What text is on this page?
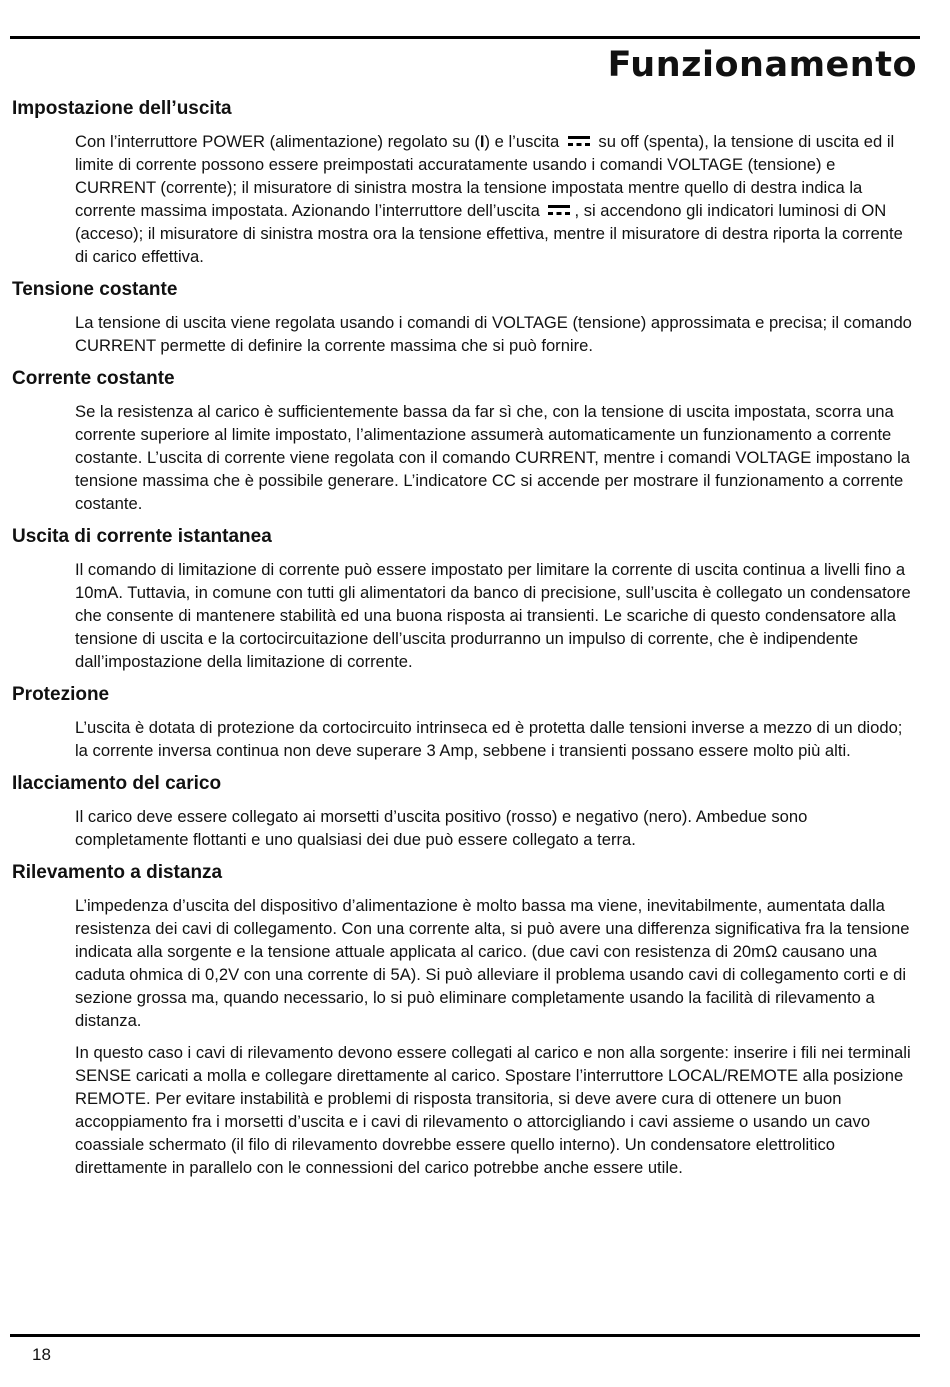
Funzionamento
Impostazione dell’uscita

Con l’interruttore POWER (alimentazione) regolato su (I) e l’uscita  su off (spenta), la tensione di uscita ed il limite di corrente possono essere preimpostati accuratamente usando i comandi VOLTAGE (tensione) e CURRENT (corrente); il misuratore di sinistra mostra la tensione impostata mentre quello di destra indica la corrente massima impostata. Azionando l’interruttore dell’uscita , si accendono gli indicatori luminosi di ON (acceso); il misuratore di sinistra mostra ora la tensione effettiva, mentre il misuratore di destra riporta la corrente di carico effettiva.

Tensione costante

La tensione di uscita viene regolata usando i comandi di VOLTAGE (tensione) approssimata e precisa; il comando CURRENT permette di definire la corrente massima che si può fornire.

Corrente costante

Se la resistenza al carico è sufficientemente bassa da far sì che, con la tensione di uscita impostata, scorra una corrente superiore al limite impostato, l’alimentazione assumerà automaticamente un funzionamento a corrente costante. L’uscita di corrente viene regolata con il comando CURRENT, mentre i comandi VOLTAGE impostano la tensione massima che è possibile generare. L’indicatore CC si accende per mostrare il funzionamento a corrente costante.

Uscita di corrente istantanea

Il comando di limitazione di corrente può essere impostato per limitare la corrente di uscita continua a livelli fino a 10mA. Tuttavia, in comune con tutti gli alimentatori da banco di precisione, sull’uscita è collegato un condensatore che consente di mantenere stabilità ed una buona risposta ai transienti. Le scariche di questo condensatore alla tensione di uscita e la cortocircuitazione dell’uscita produrranno un impulso di corrente, che è indipendente dall’impostazione della limitazione di corrente.

Protezione

L’uscita è dotata di protezione da cortocircuito intrinseca ed è protetta dalle tensioni inverse a mezzo di un diodo; la corrente inversa continua non deve superare 3 Amp, sebbene i transienti possano essere molto più alti.

Ilacciamento del carico

Il carico deve essere collegato ai morsetti d’uscita positivo (rosso) e negativo (nero). Ambedue sono completamente flottanti e uno qualsiasi dei due può essere collegato a terra.

Rilevamento a distanza

L’impedenza d’uscita del dispositivo d’alimentazione è molto bassa ma viene, inevitabilmente, aumentata dalla resistenza dei cavi di collegamento. Con una corrente alta, si può avere una differenza significativa fra la tensione indicata alla sorgente e la tensione attuale applicata al carico. (due cavi con resistenza di 20mΩ causano una caduta ohmica di 0,2V con una corrente di 5A). Si può alleviare il problema usando cavi di collegamento corti e di sezione grossa ma, quando necessario, lo si può eliminare completamente usando la facilità di rilevamento a distanza.

In questo caso i cavi di rilevamento devono essere collegati al carico e non alla sorgente: inserire i fili nei terminali SENSE caricati a molla e collegare direttamente al carico. Spostare l’interruttore LOCAL/REMOTE alla posizione REMOTE. Per evitare instabilità e problemi di risposta transitoria, si deve avere cura di ottenere un buon accoppiamento fra i morsetti d’uscita e i cavi di rilevamento o attorcigliando i cavi assieme o usando un cavo coassiale schermato (il filo di rilevamento dovrebbe essere quello interno). Un condensatore elettrolitico direttamente in parallelo con le connessioni del carico potrebbe anche essere utile.

18
